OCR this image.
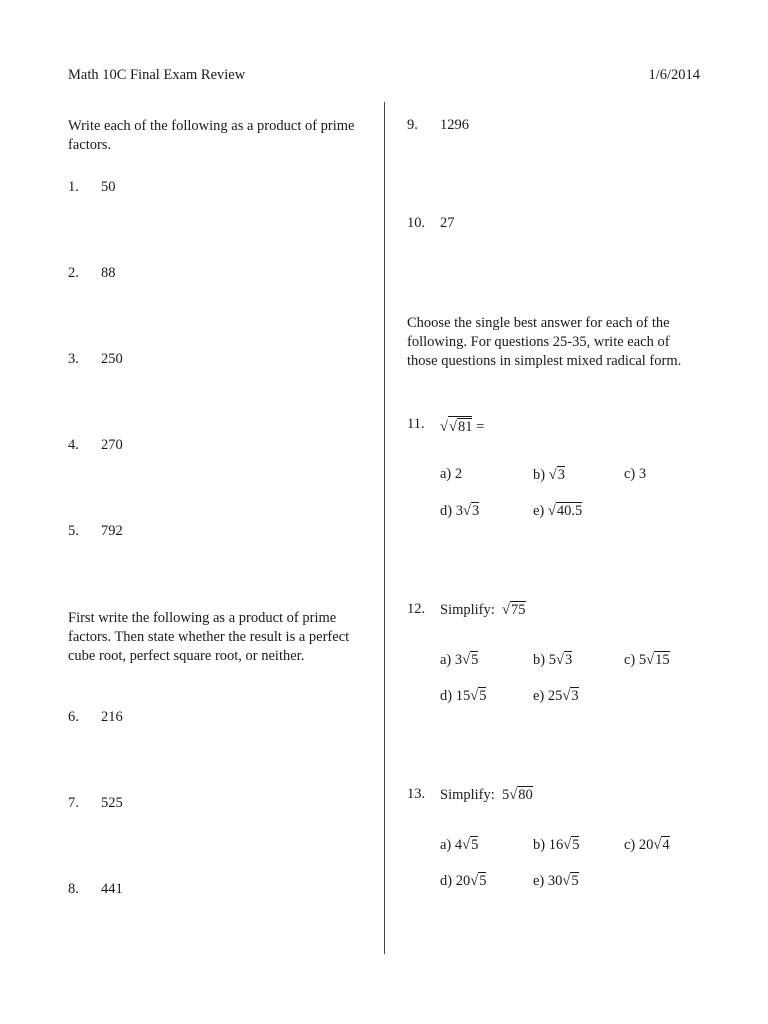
Math 10C Final Exam Review	1/6/2014
Write each of the following as a product of prime factors.
1. 50
2. 88
3. 250
4. 270
5. 792
First write the following as a product of prime factors. Then state whether the result is a perfect cube root, perfect square root, or neither.
6. 216
7. 525
8. 441
9. 1296
10. 27
Choose the single best answer for each of the following. For questions 25-35, write each of those questions in simplest mixed radical form.
11. √√81 =
a) 2	b) √3	c) 3
d) 3√3	e) √40.5
12. Simplify: √75
a) 3√5	b) 5√3	c) 5√15
d) 15√5	e) 25√3
13. Simplify: 5√80
a) 4√5	b) 16√5	c) 20√4
d) 20√5	e) 30√5
